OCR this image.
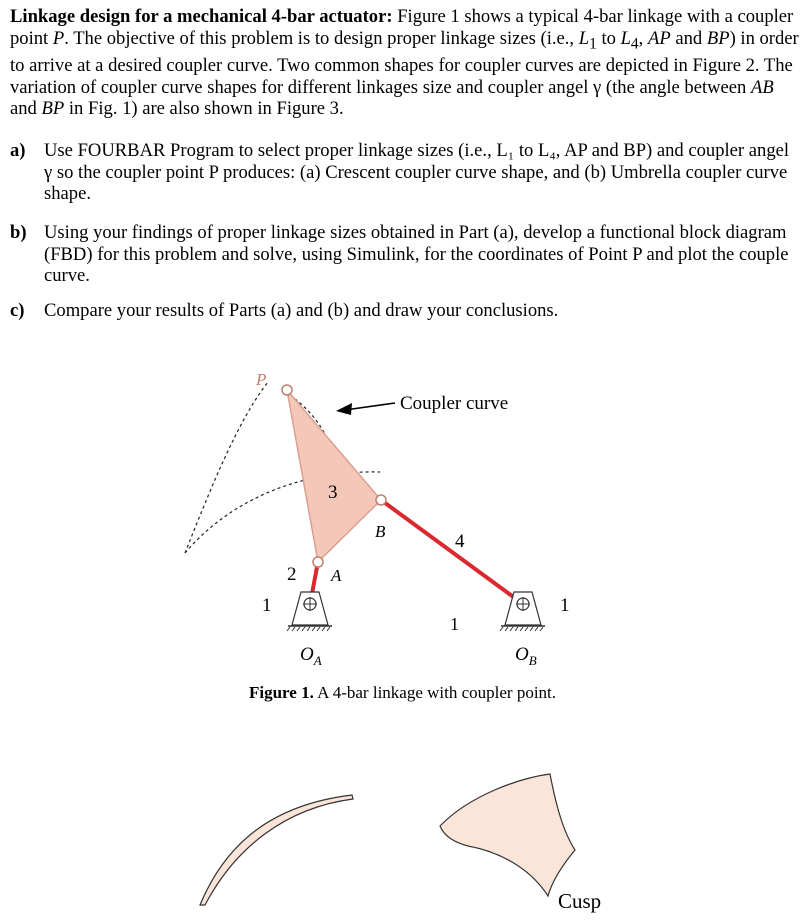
Linkage design for a mechanical 4-bar actuator: Figure 1 shows a typical 4-bar linkage with a coupler point P. The objective of this problem is to design proper linkage sizes (i.e., $L_1$ to $L_4$, AP and BP) in order to arrive at a desired coupler curve. Two common shapes for coupler curves are depicted in Figure 2. The variation of coupler curve shapes for different linkages size and coupler angel γ (the angle between AB and BP in Fig. 1) are also shown in Figure 3.

a) Use FOURBAR Program to select proper linkage sizes (i.e., L₁ to L₄, AP and BP) and coupler angel γ so the coupler point P produces: (a) Crescent coupler curve shape, and (b) Umbrella coupler curve shape.
b) Using your findings of proper linkage sizes obtained in Part (a), develop a functional block diagram (FBD) for this problem and solve, using Simulink, for the coordinates of Point P and plot the couple curve.
c) Compare your results of Parts (a) and (b) and draw your conclusions.
P
Coupler curve
3
2 A
B	4
1	1
1
$O_A$	$O_B$
Cusp
Figure 1. A 4-bar linkage with coupler point.
